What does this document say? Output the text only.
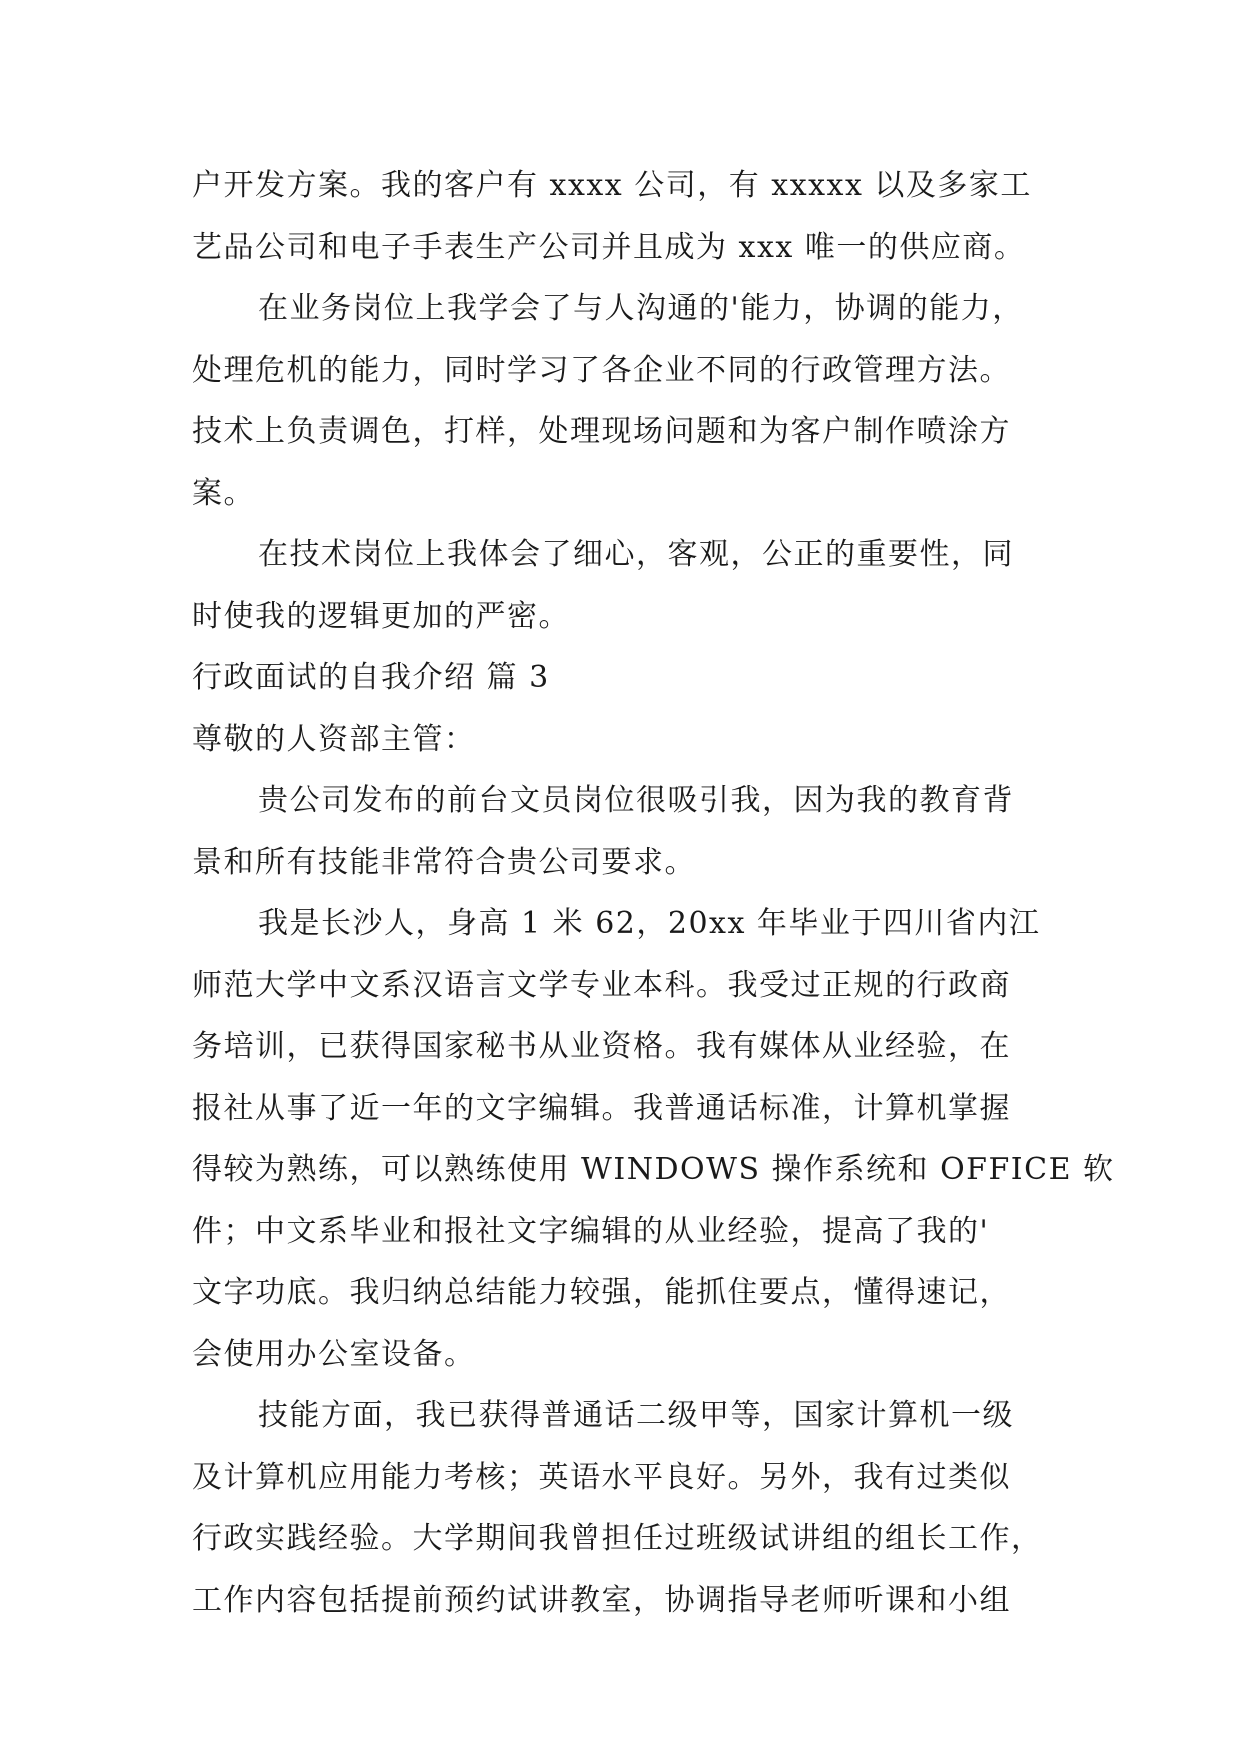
户开发方案。我的客户有 xxxx 公司，有 xxxxx 以及多家工
艺品公司和电子手表生产公司并且成为 xxx 唯一的供应商。
在业务岗位上我学会了与人沟通的'能力，协调的能力，
处理危机的能力，同时学习了各企业不同的行政管理方法。
技术上负责调色，打样，处理现场问题和为客户制作喷涂方
案。
在技术岗位上我体会了细心，客观，公正的重要性，同
时使我的逻辑更加的严密。
行政面试的自我介绍 篇 3
尊敬的人资部主管：
贵公司发布的前台文员岗位很吸引我，因为我的教育背
景和所有技能非常符合贵公司要求。
我是长沙人，身高 1 米 62，20xx 年毕业于四川省内江
师范大学中文系汉语言文学专业本科。我受过正规的行政商
务培训，已获得国家秘书从业资格。我有媒体从业经验，在
报社从事了近一年的文字编辑。我普通话标准，计算机掌握
得较为熟练，可以熟练使用 WINDOWS 操作系统和 OFFICE 软
件；中文系毕业和报社文字编辑的从业经验，提高了我的'
文字功底。我归纳总结能力较强，能抓住要点，懂得速记，
会使用办公室设备。
技能方面，我已获得普通话二级甲等，国家计算机一级
及计算机应用能力考核；英语水平良好。另外，我有过类似
行政实践经验。大学期间我曾担任过班级试讲组的组长工作，
工作内容包括提前预约试讲教室，协调指导老师听课和小组
